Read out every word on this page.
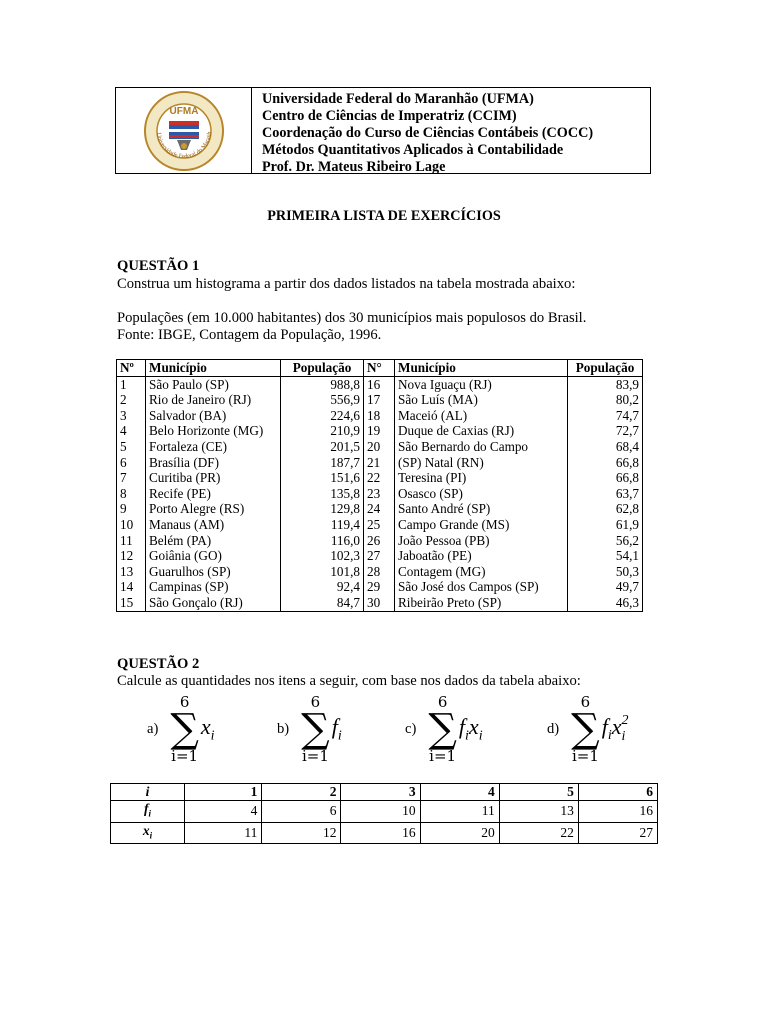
Universidade Federal do Maranh
UFMA
Universidade Federal do Maranhão (UFMA)
Centro de Ciências de Imperatriz (CCIM)
Coordenação do Curso de Ciências Contábeis (COCC)
Métodos Quantitativos Aplicados à Contabilidade
Prof. Dr. Mateus Ribeiro Lage
PRIMEIRA LISTA DE EXERCÍCIOS
QUESTÃO 1
Construa um histograma a partir dos dados listados na tabela mostrada abaixo:
Populações (em 10.000 habitantes) dos 30 municípios mais populosos do Brasil.
Fonte: IBGE, Contagem da População, 1996.
Nº	Município	População	N°	Município	População
1	São Paulo (SP)	988,8	16	Nova Iguaçu (RJ)	83,9
2	Rio de Janeiro (RJ)	556,9	17	São Luís (MA)	80,2
3	Salvador (BA)	224,6	18	Maceió (AL)	74,7
4	Belo Horizonte (MG)	210,9	19	Duque de Caxias (RJ)	72,7
5	Fortaleza (CE)	201,5	20	São Bernardo do Campo	68,4
6	Brasília (DF)	187,7	21	(SP) Natal (RN)	66,8
7	Curitiba (PR)	151,6	22	Teresina (PI)	66,8
8	Recife (PE)	135,8	23	Osasco (SP)	63,7
9	Porto Alegre (RS)	129,8	24	Santo André (SP)	62,8
10	Manaus (AM)	119,4	25	Campo Grande (MS)	61,9
11	Belém (PA)	116,0	26	João Pessoa (PB)	56,2
12	Goiânia (GO)	102,3	27	Jaboatão (PE)	54,1
13	Guarulhos (SP)	101,8	28	Contagem (MG)	50,3
14	Campinas (SP)	92,4	29	São José dos Campos (SP)	49,7
15	São Gonçalo (RJ)	84,7	30	Ribeirão Preto (SP)	46,3
QUESTÃO 2
Calcule as quantidades nos itens a seguir, com base nos dados da tabela abaixo:
a)
6
∑
i=1
$x_i$	b)
6
∑
i=1
$f_i$	c)
6
∑
i=1
$f_ix_i$	d)
6
∑
i=1
$f_ix^2_i$
i	1	2	3	4	5	6
$f_i$	4	6	10	11	13	16
$x_i$	11	12	16	20	22	27
